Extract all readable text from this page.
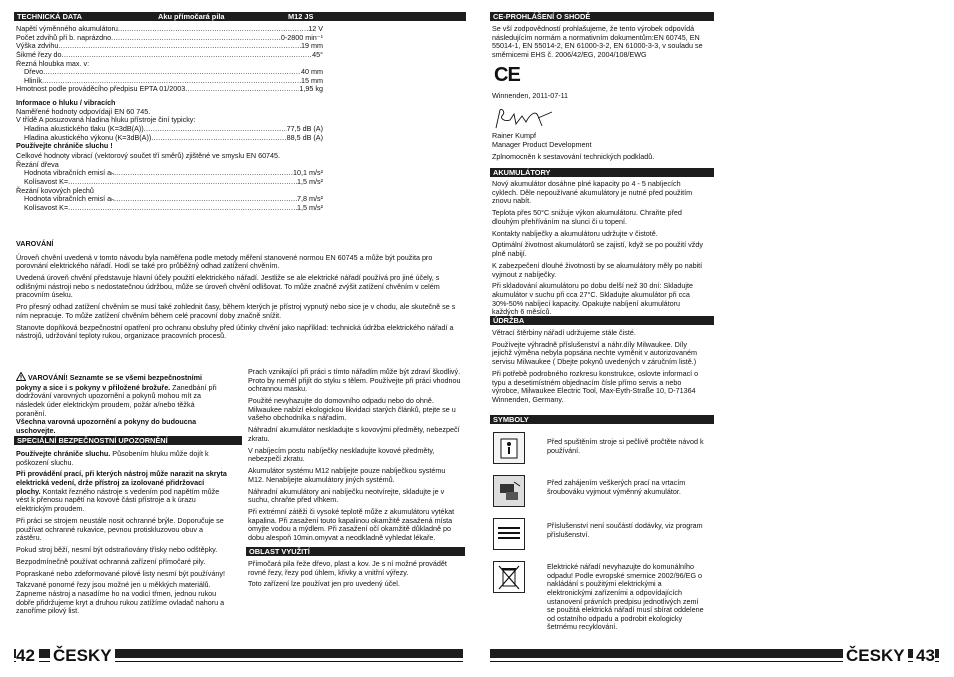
TECHNICKÁ DATA	Aku přímočará pila	M12 JS
Napětí výměnného akumulátoru .....	12 V
Počet zdvihů při b. naprázdno .....	0-2800 min⁻¹
Výška zdvihu .....	19 mm
Šikmé řezy do .....	45°
Řezná hloubka max. v:
Dřevo .....	40 mm
Hliník .....	15 mm
Hmotnost podle prováděcího předpisu EPTA 01/2003 .....	1,95 kg
Informace o hluku / vibracích
Naměřené hodnoty odpovídají EN 60 745.
V třídě A posuzovaná hladina hluku přístroje činí typicky:
Hladina akustického tlaku (K=3dB(A)) .....	77,5 dB (A)
Hladina akustického výkonu (K=3dB(A)) .....	88,5 dB (A)
Používejte chrániče sluchu !
Celkové hodnoty vibrací (vektorový součet tří směrů) zjištěné ve smyslu EN 60745.
Řezání dřeva
Hodnota vibračních emisí aₕ .....	10,1 m/s²
Kolísavost K= .....	1,5 m/s²
Řezání kovových plechů
Hodnota vibračních emisí aₕ .....	7,8 m/s²
Kolísavost K= .....	1,5 m/s²
VAROVÁNÍ
Úroveň chvění uvedená v tomto návodu byla naměřena podle metody měření stanovené normou EN 60745 a může být použita pro porovnání elektrického nářadí. Hodí se také pro průběžný odhad zatížení chvěním.
Uvedená úroveň chvění představuje hlavní účely použití elektrického nářadí. Jestliže se ale elektrické nářadí používá pro jiné účely, s odlišnými nástroji nebo s nedostatečnou údržbou, může se úroveň chvění odlišovat. To může značně zvýšit zatížení chvěním v celém pracovním úseku.
Pro přesný odhad zatížení chvěním se musí také zohlednit časy, během kterých je přístroj vypnutý nebo sice je v chodu, ale skutečně se s ním nepracuje. To může zatížení chvěním během celé pracovní doby značně snížit.
Stanovte dopňková bezpečnostní opatření pro ochranu obsluhy před účinky chvění jako například: technická údržba elektrického nářadí a nástrojů, udržování teploty rukou, organizace pracovních procesů.
VAROVÁNÍ! Seznamte se se všemi bezpečnostními pokyny a sice i s pokyny v přiložené brožuře. Zanedbání při dodržování varovných upozornění a pokynů mohou mít za následek úder elektrickým proudem, požár a/nebo těžká poranění.
Všechna varovná upozornění a pokyny do budoucna uschovejte.
SPECIÁLNÍ BEZPEČNOSTNÍ UPOZORNĚNÍ
Používejte chrániče sluchu. Působením hluku může dojít k poškození sluchu.
Při provádění prací, při kterých nástroj může narazit na skryta elektrická vedení, drže přístroj za izolované přidržovací plochy. Kontakt řezného nástroje s vedením pod napětím může vést k přenosu napětí na kovové části přístroje a k úrazu elektrickým proudem.
Při práci se strojem neustále nosit ochranné brýle. Doporučuje se používat ochranné rukavice, pevnou protiskluzovou obuv a zástěru.
Pokud stroj běží, nesmí být odstraňovány třísky nebo odštěpky.
Bezpodmínečně používat ochranná zařízení přímočaré pily.
Popraskané nebo zdeformované pilové listy nesmí být používány!
Takzvané ponorné řezy jsou možné jen u měkkých materiálů. Zapneme nástroj a nasadíme ho na vodicí třmen, jednou rukou dobře přidržujeme kryt a druhou rukou zatížíme ovladač nahoru a zanoříme pilový list.
Prach vznikající při práci s tímto nářadím může být zdraví škodlivý. Proto by neměl přijít do styku s tělem. Používejte při práci vhodnou ochrannou masku.
Použité nevyhazujte do domovního odpadu nebo do ohně. Milwaukee nabízí ekologickou likvidaci starých článků, ptejte se u vašeho obchodníka s nářadím.
Náhradní akumulátor neskladujte s kovovými předměty, nebezpečí zkratu.
V nabíjecím postu nabíječky neskladujte kovové předměty, nebezpečí zkratu.
Akumulátor systému M12 nabíjejte pouze nabíječkou systému M12. Nenabíjejte akumulátory jiných systémů.
Náhradní akumulátory ani nabíječku neotvírejte, skladujte je v suchu, chraňte před vlhkem.
Při extrémní zátěži či vysoké teplotě může z akumulátoru vytékat kapalina. Při zasažení touto kapalinou okamžitě zasažená místa omyjte vodou a mýdlem. Při zasažení očí okamžitě důkladně po dobu alespoň 10min.omyvat a neodkladně vyhledat lékaře.
OBLAST VYUŽITÍ
Přímočará pila řeže dřevo, plast a kov. Je s ní možné provádět rovné řezy, řezy pod úhlem, křivky a vnitřní výřezy.
Toto zařízení lze používat jen pro uvedený účel.
42 ČESKY
CE-PROHLÁŠENÍ O SHODĚ
Se vší zodpovědností prohlašujeme, že tento výrobek odpovídá následujícím normám a normativním dokumentům:EN 60745, EN 55014-1, EN 55014-2, EN 61000-3-2, EN 61000-3-3, v souladu se směrnicemi EHS č. 2006/42/EG, 2004/108/EWG
CE
Winnenden, 2011-07-11
Rainer Kumpf
Manager Product Development
Zplnomocněn k sestavování technických podkladů.
AKUMULÁTORY
Nový akumulátor dosáhne plné kapacity po 4 - 5 nabíjecích cyklech. Děle nepoužívané akumulátory je nutné před použitím znovu nabít.
Teplota přes 50°C snižuje výkon akumulátoru. Chraňte před dlouhým přehříváním na slunci či u topení.
Kontakty nabíječky a akumulátoru udržujte v čistotě.
Optimální životnost akumulátorů se zajistí, když se po použití vždy plně nabijí.
K zabezpečení dlouhé životnosti by se akumulátory měly po nabití vyjmout z nabíječky.
Při skladování akumulátoru po dobu delší než 30 dní: Skladujte akumulátor v suchu při cca 27°C. Skladujte akumulátor při cca 30%-50% nabíjecí kapacity. Opakujte nabíjení akumulátoru každých 6 měsíců.
ÚDRŽBA
Větrací štěrbiny nářadí udržujeme stále čisté.
Používejte výhradně příslušenství a náhr.díly Milwaukee. Díly jejichž výměna nebyla popsána nechte vyměnit v autorizovaném servisu Milwaukee ( Dbejte pokynů uvedených v záručním listě.)
Při potřebě podrobného rozkresu konstrukce, oslovte informací o typu a desetimístném objednacím čísle přímo servis a nebo výrobce, Milwaukee Electric Tool, Max-Eyth-Straße 10, D-71364 Winnenden, Germany.
SYMBOLY
Před spuštěním stroje si pečlivě pročtěte návod k používání.
Před zahájením veškerých prací na vrtacím šroubováku vyjmout výměnný akumulátor.
Příslušenství není součástí dodávky, viz program příslušenství.
Elektrické nářadí nevyhazujte do komunálního odpadu! Podle evropské smernice 2002/96/EG o nakládání s použitými elektrickými a elektronickými zařízeními a odpovídajících ustanovení právních predpisu jednotlivých zemí se použitá elektrická nářadí musí sbírat oddelene od ostatního odpadu a podrobit ekologicky šetrnému recyklování.
ČESKY 43
